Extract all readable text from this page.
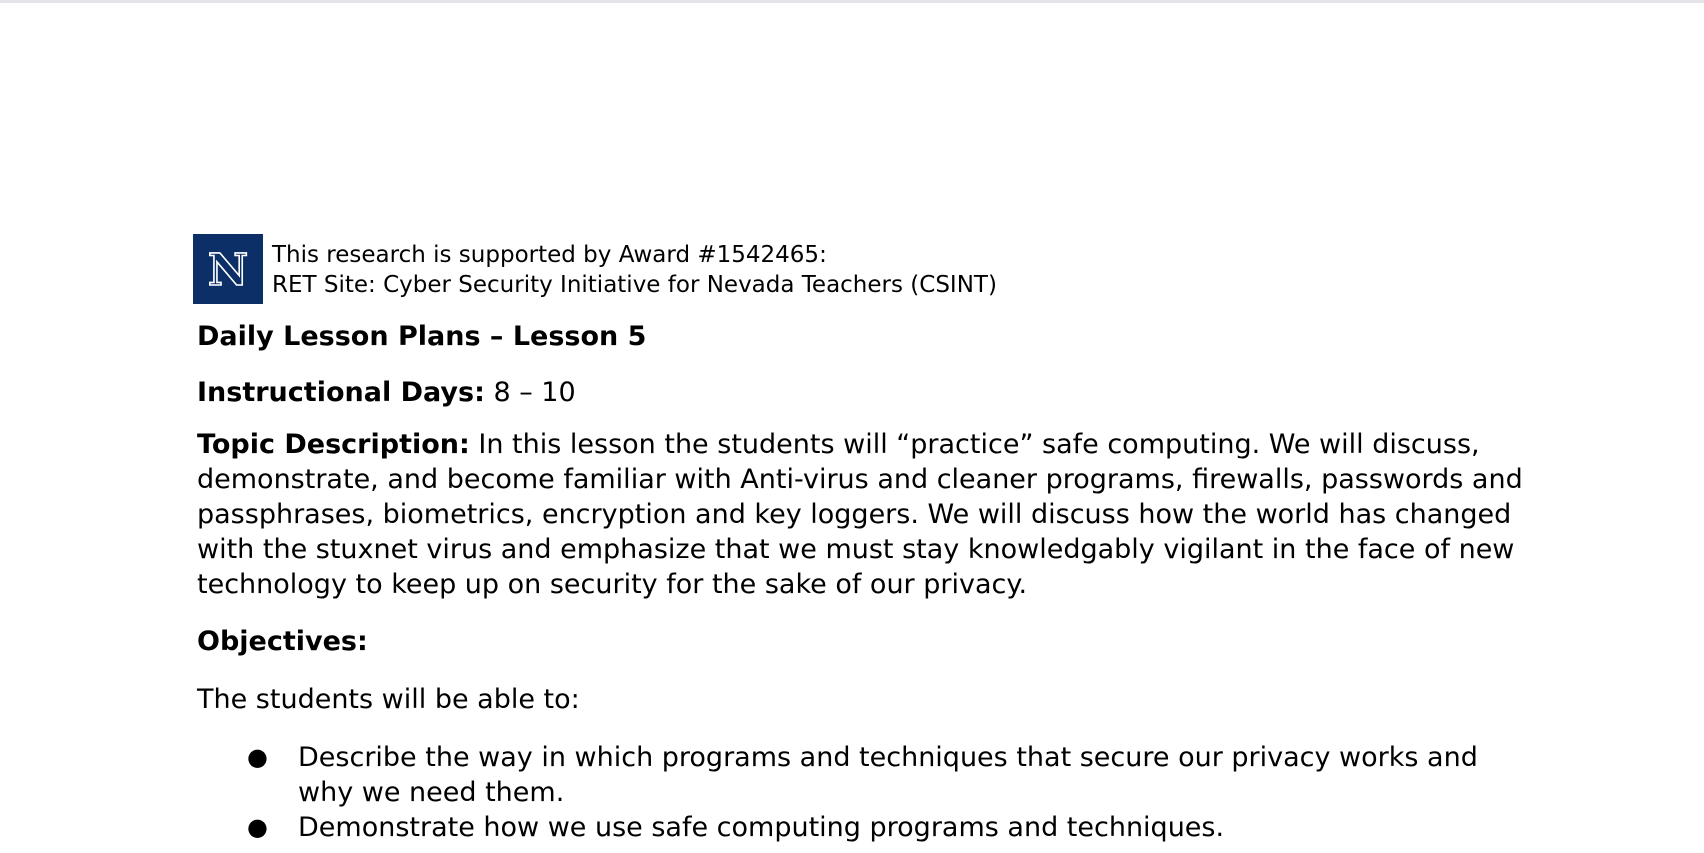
N This research is supported by Award #1542465:
RET Site: Cyber Security Initiative for Nevada Teachers (CSINT)

Daily Lesson Plans – Lesson 5

Instructional Days: 8 – 10

Topic Description: In this lesson the students will “practice” safe computing. We will discuss, demonstrate, and become familiar with Anti-virus and cleaner programs, firewalls, passwords and passphrases, biometrics, encryption and key loggers. We will discuss how the world has changed with the stuxnet virus and emphasize that we must stay knowledgably vigilant in the face of new technology to keep up on security for the sake of our privacy.

Objectives:

The students will be able to:

● Describe the way in which programs and techniques that secure our privacy works and why we need them.
● Demonstrate how we use safe computing programs and techniques.
